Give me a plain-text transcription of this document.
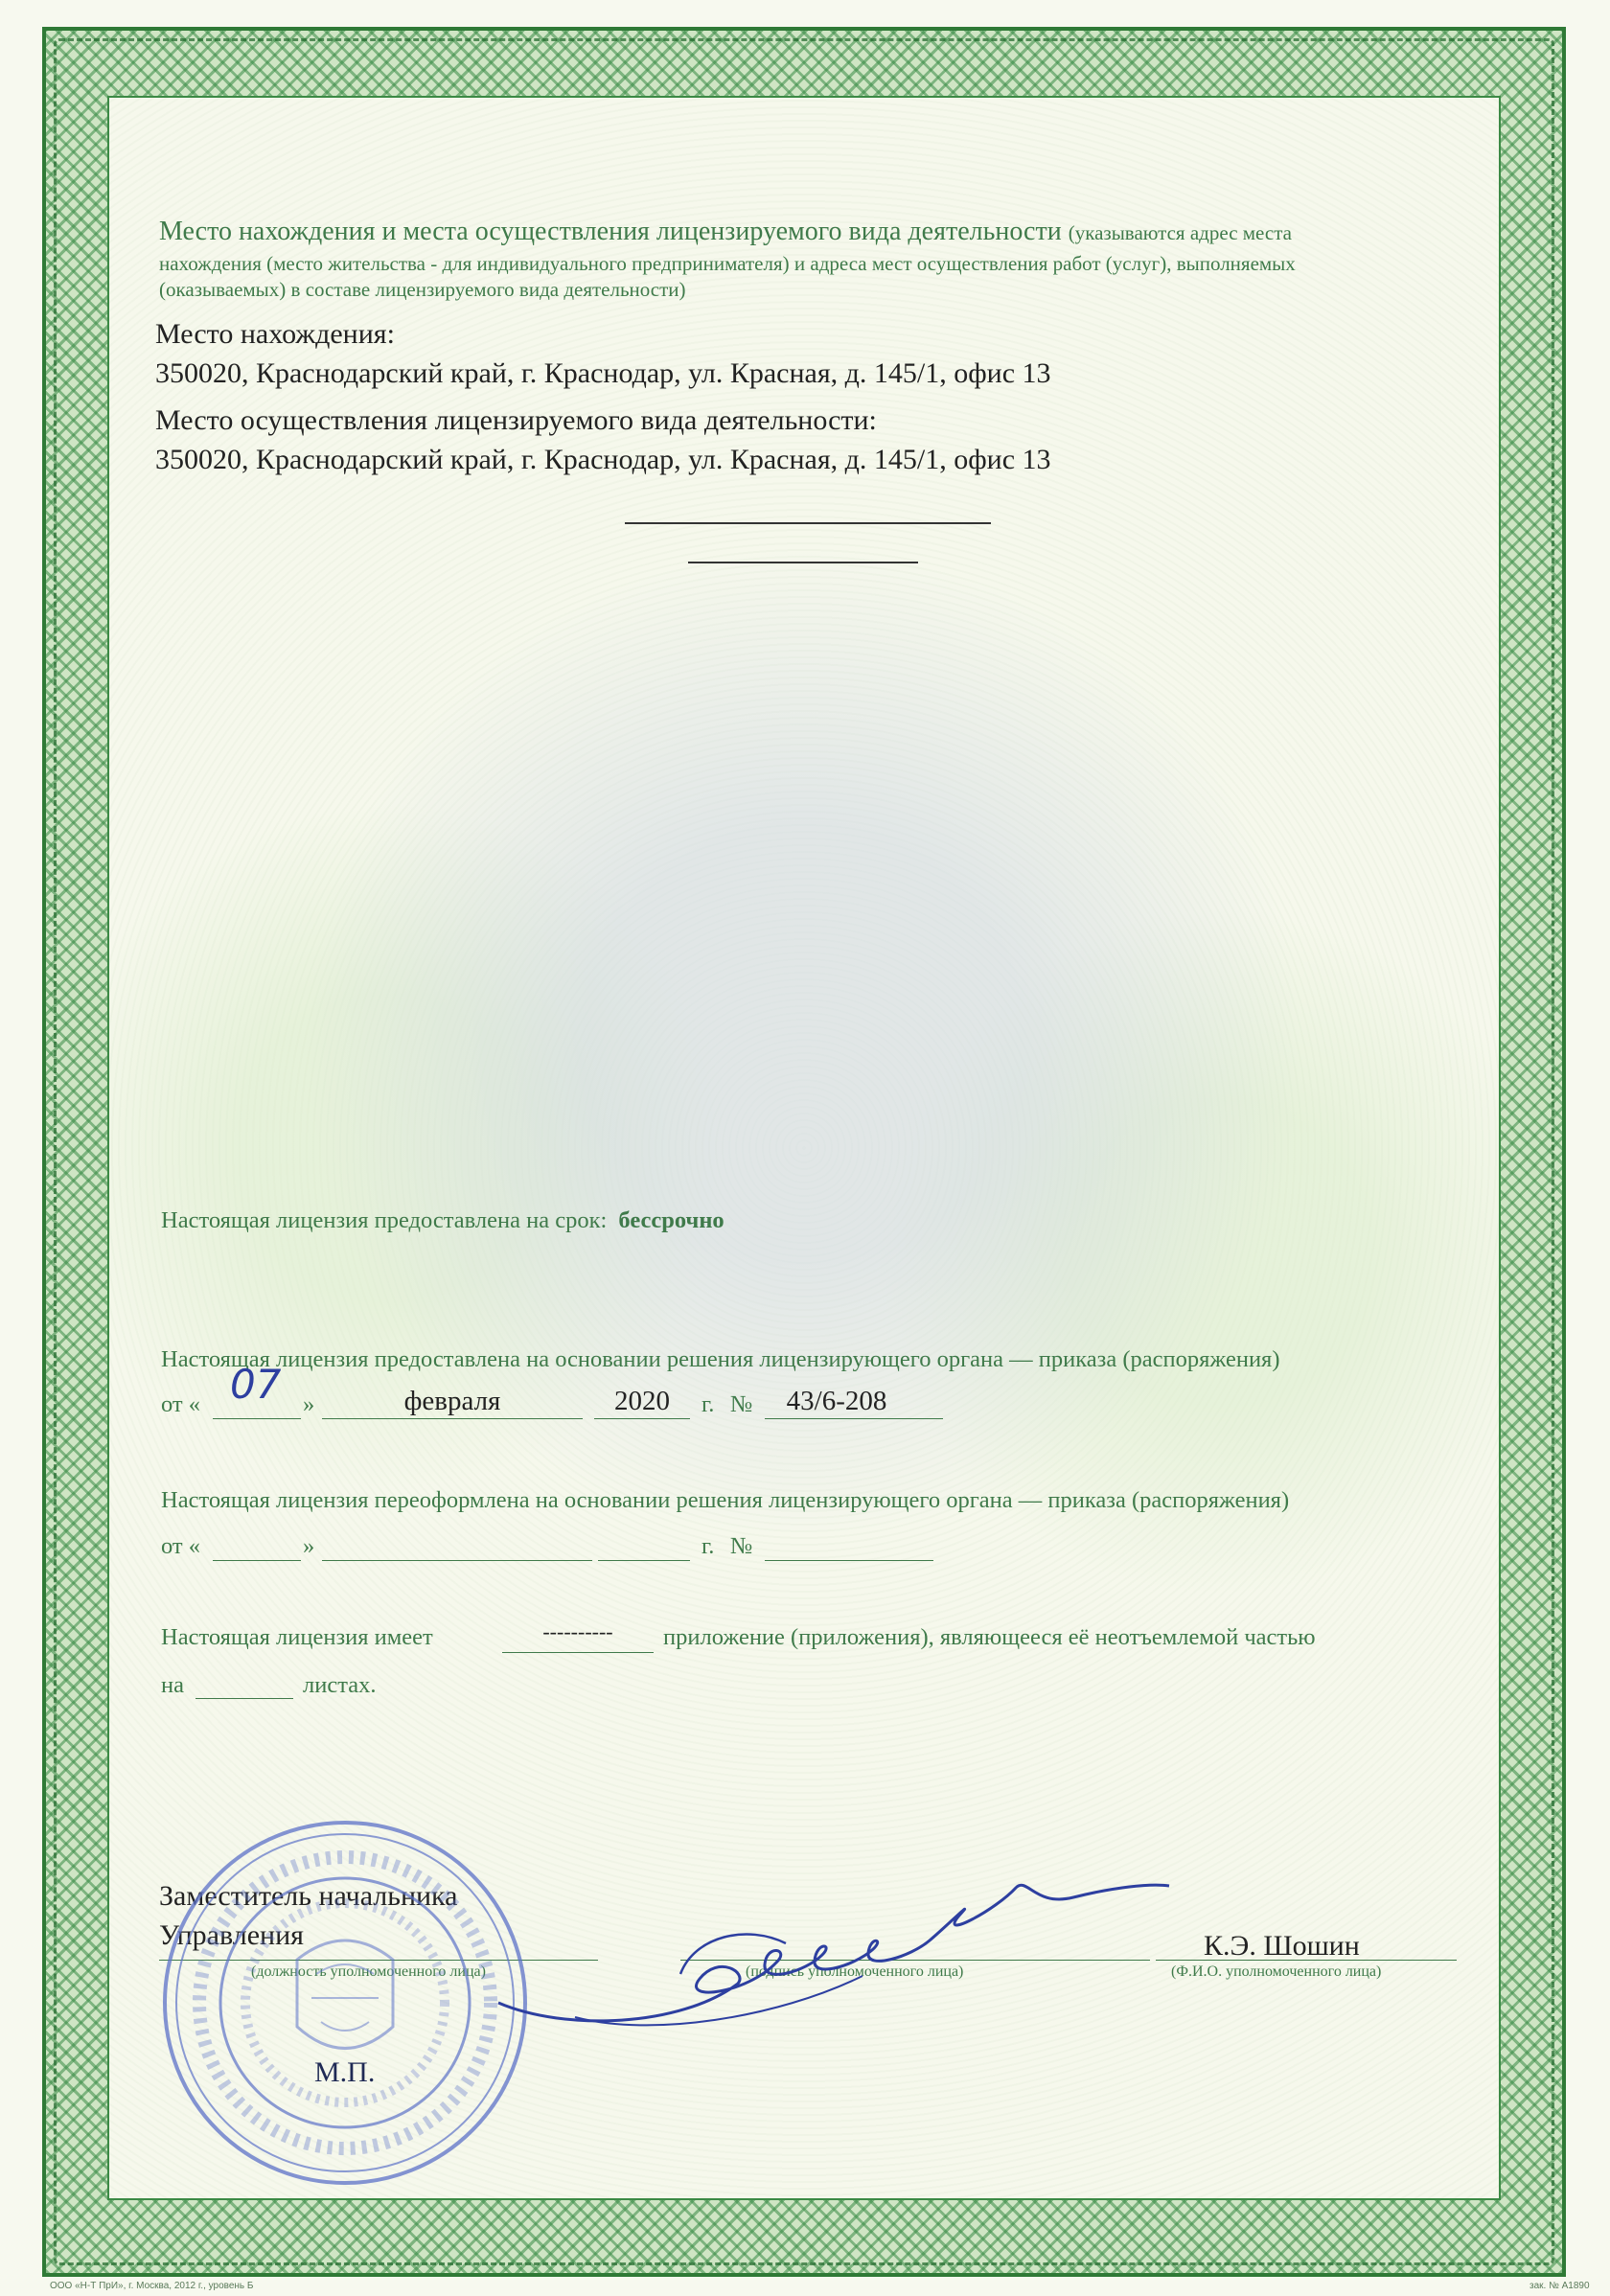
Место нахождения и места осуществления лицензируемого вида деятельности (указываются адрес места
нахождения (место жительства - для индивидуального предпринимателя) и адреса мест осуществления работ (услуг), выполняемых
(оказываемых) в составе лицензируемого вида деятельности)
Место нахождения:
350020, Краснодарский край, г. Краснодар, ул. Красная, д. 145/1, офис 13
Место осуществления лицензируемого вида деятельности:
350020, Краснодарский край, г. Краснодар, ул. Красная, д. 145/1, офис 13
Настоящая лицензия предоставлена на срок: бессрочно
Настоящая лицензия предоставлена на основании решения лицензирующего органа — приказа (распоряжения)
от « 07 »	февраля	2020	г. №	43/6-208
Настоящая лицензия переоформлена на основании решения лицензирующего органа — приказа (распоряжения)
от «	»	г. №
Настоящая лицензия имеет	----------	приложение (приложения), являющееся её неотъемлемой частью
на	листах.
Заместитель начальника
Управления
(должность уполномоченного лица)	(подпись уполномоченного лица)
К.Э. Шошин
(Ф.И.О. уполномоченного лица)
М.П.
ООО «Н-Т ПрИ», г. Москва, 2012 г., уровень Б	зак. № А1890
